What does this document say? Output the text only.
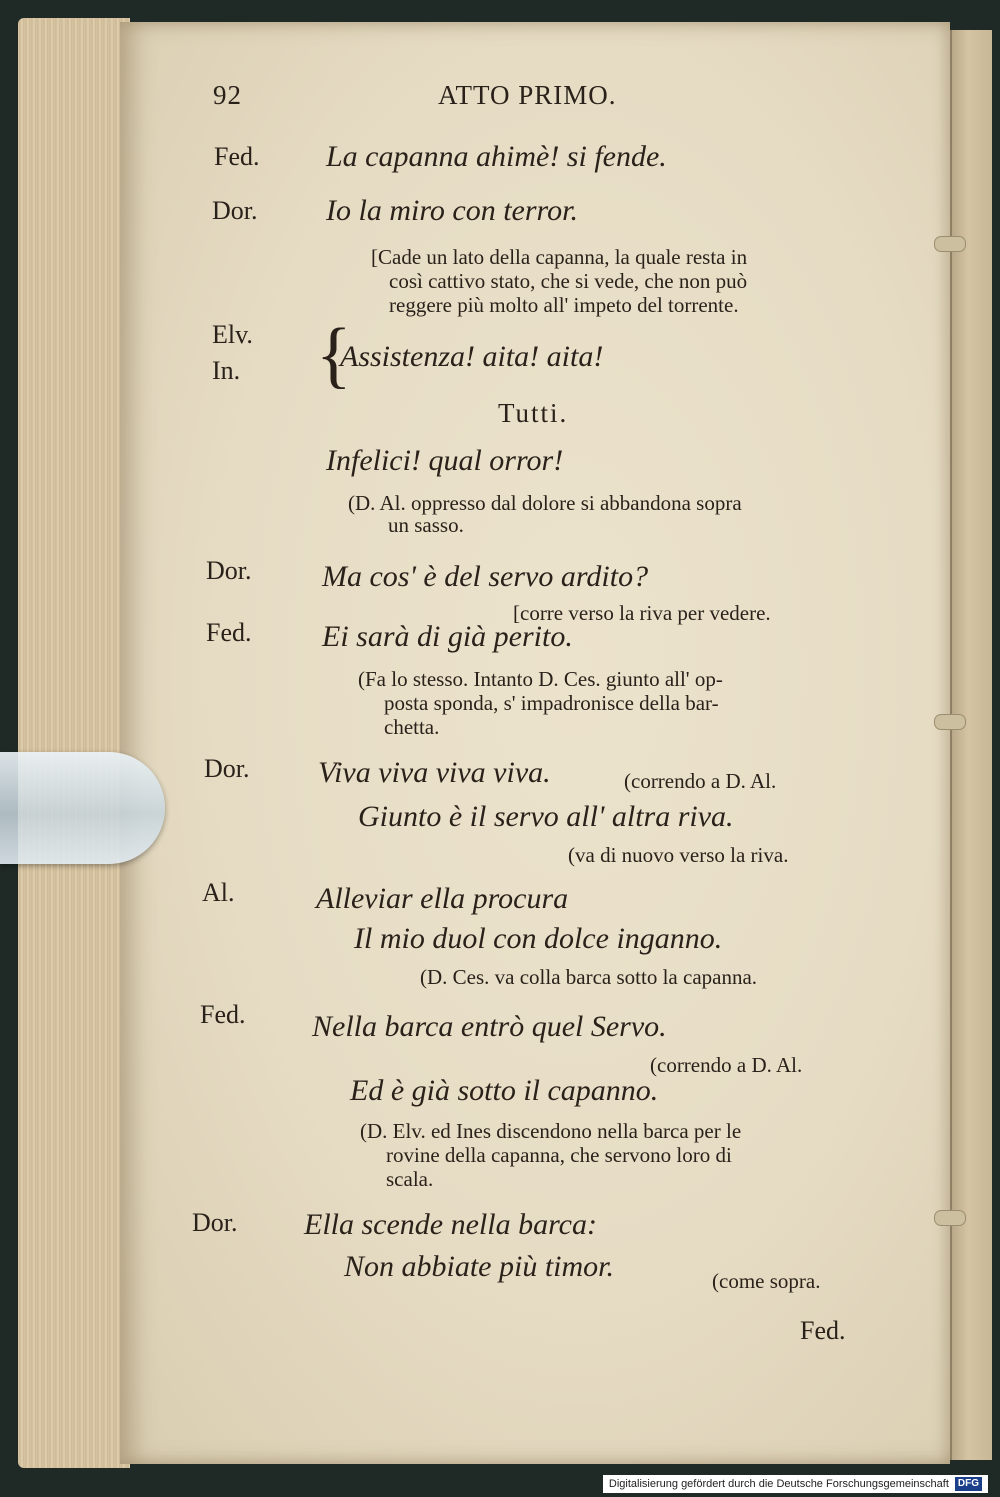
92	ATTO PRIMO.
Fed. La capanna ahimè! si fende.
Dor. Io la miro con terror.
[Cade un lato della capanna, la quale resta in
così cattivo stato, che si vede, che non può
reggere più molto all' impeto del torrente.
Elv.
In. {
Assistenza! aita! aita!
Tutti.
Infelici! qual orror!
(D. Al. oppresso dal dolore si abbandona sopra
un sasso.
Dor. Ma cos' è del servo ardito?
[corre verso la riva per vedere.
Fed. Ei sarà di già perito.
(Fa lo stesso. Intanto D. Ces. giunto all' op-
posta sponda, s' impadronisce della bar-
chetta.
Dor. Viva viva viva viva.	(correndo a D. Al.
Giunto è il servo all' altra riva.
(va di nuovo verso la riva.
Al.	Alleviar ella procura
Il mio duol con dolce inganno.
(D. Ces. va colla barca sotto la capanna.
Fed. Nella barca entrò quel Servo.
(correndo a D. Al.
Ed è già sotto il capanno.
(D. Elv. ed Ines discendono nella barca per le
rovine della capanna, che servono loro di
scala.
Dor. Ella scende nella barca:
Non abbiate più timor.	(come sopra.
Fed.
Digitalisierung gefördert durch die Deutsche Forschungsgemeinschaft DFG
